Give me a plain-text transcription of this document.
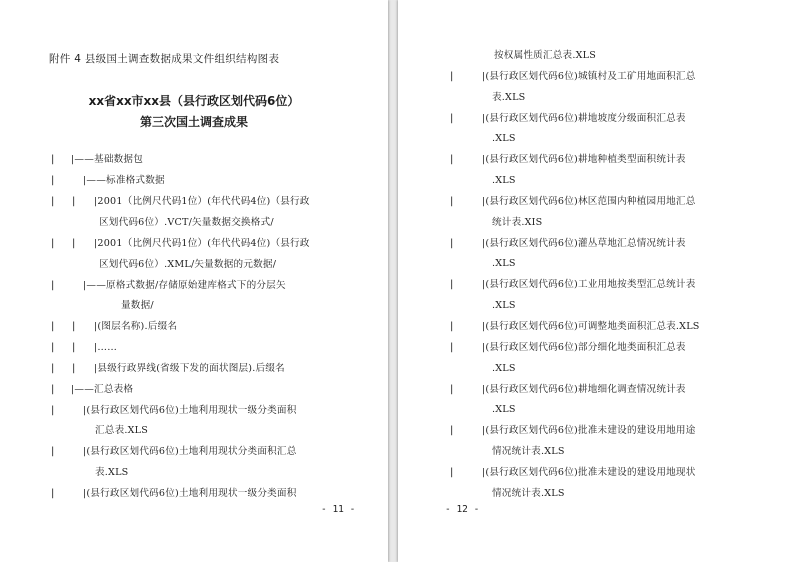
附件 4 县级国土调查数据成果文件组织结构图表
xx省xx市xx县（县行政区划代码6位）
第三次国土调查成果
|
|
|
|
|
|
|
|
|
|
|
|
|
|
|
|
|
|——基础数据包
|——标准格式数据
|2001（比例尺代码1位）(年代代码4位)（县行政
区划代码6位）.VCT/矢量数据交换格式/
|2001（比例尺代码1位）(年代代码4位)（县行政
区划代码6位）.XML/矢量数据的元数据/
|——原格式数据/存储原始建库格式下的分层矢
量数据/
|(图层名称).后缀名
|……
|县级行政界线(省级下发的面状图层).后缀名
|——汇总表格
|(县行政区划代码6位)土地利用现状一级分类面积
汇总表.XLS
|(县行政区划代码6位)土地利用现状分类面积汇总
表.XLS
|(县行政区划代码6位)土地利用现状一级分类面积
- 11 -
|
|
|
|
|
|
|
|
|
|
|
按权属性质汇总表.XLS
|(县行政区划代码6位)城镇村及工矿用地面积汇总
表.XLS
|(县行政区划代码6位)耕地坡度分级面积汇总表
.XLS
|(县行政区划代码6位)耕地种植类型面积统计表
.XLS
|(县行政区划代码6位)林区范围内种植园用地汇总
统计表.XIS
|(县行政区划代码6位)灌丛草地汇总情况统计表
.XLS
|(县行政区划代码6位)工业用地按类型汇总统计表
.XLS
|(县行政区划代码6位)可调整地类面积汇总表.XLS
|(县行政区划代码6位)部分细化地类面积汇总表
.XLS
|(县行政区划代码6位)耕地细化调查情况统计表
.XLS
|(县行政区划代码6位)批准未建设的建设用地用途
情况统计表.XLS
|(县行政区划代码6位)批准未建设的建设用地现状
情况统计表.XLS
- 12 -
